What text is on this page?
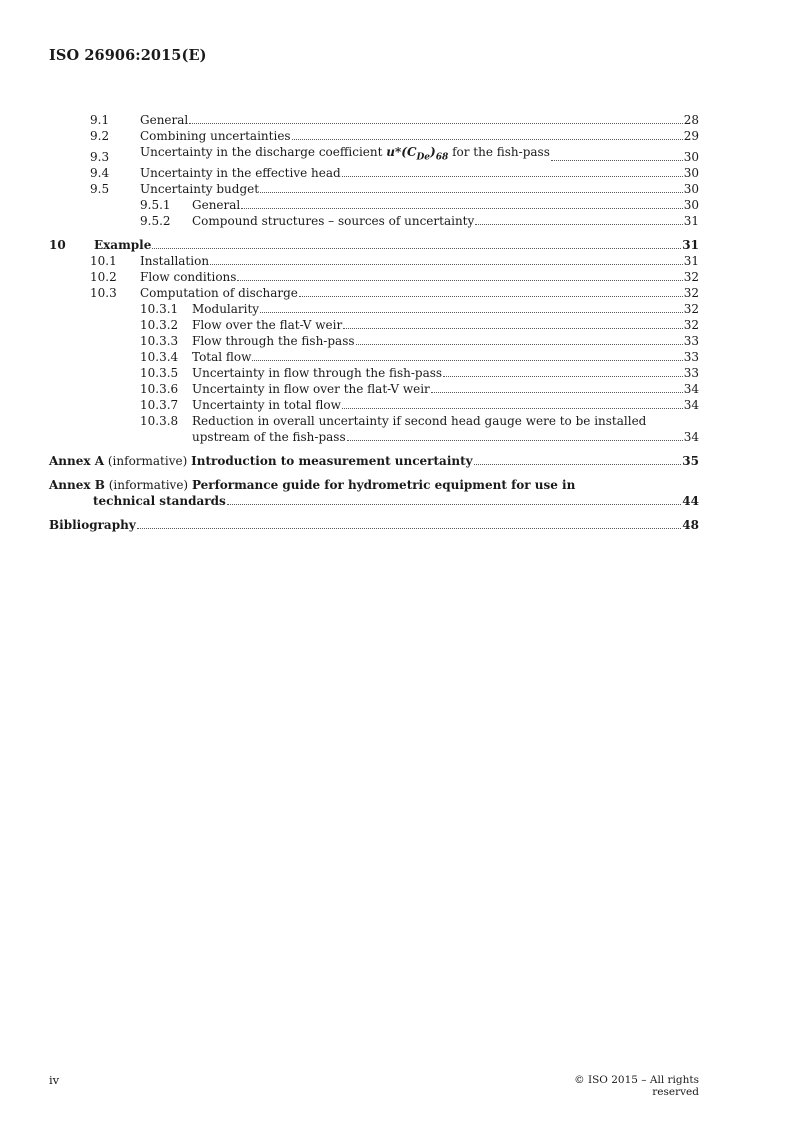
ISO 26906:2015(E)
9.1	General	28
9.2	Combining uncertainties	29
9.3	Uncertainty in the discharge coefficient $u*(C_{De})_{68}$ for the fish-pass	30
9.4	Uncertainty in the effective head	30
9.5	Uncertainty budget	30
9.5.1	General	30
9.5.2	Compound structures – sources of uncertainty	31
10	Example	31
10.1	Installation	31
10.2	Flow conditions	32
10.3	Computation of discharge	32
10.3.1	Modularity	32
10.3.2	Flow over the flat-V weir	32
10.3.3	Flow through the fish-pass	33
10.3.4	Total flow	33
10.3.5	Uncertainty in flow through the fish-pass	33
10.3.6	Uncertainty in flow over the flat-V weir	34
10.3.7	Uncertainty in total flow	34
10.3.8	Reduction in overall uncertainty if second head gauge were to be installed
upstream of the fish-pass	34
Annex A (informative) Introduction to measurement uncertainty	35
Annex B (informative) Performance guide for hydrometric equipment for use in
technical standards	44
Bibliography	48
iv	© ISO 2015 – All rights reserved
